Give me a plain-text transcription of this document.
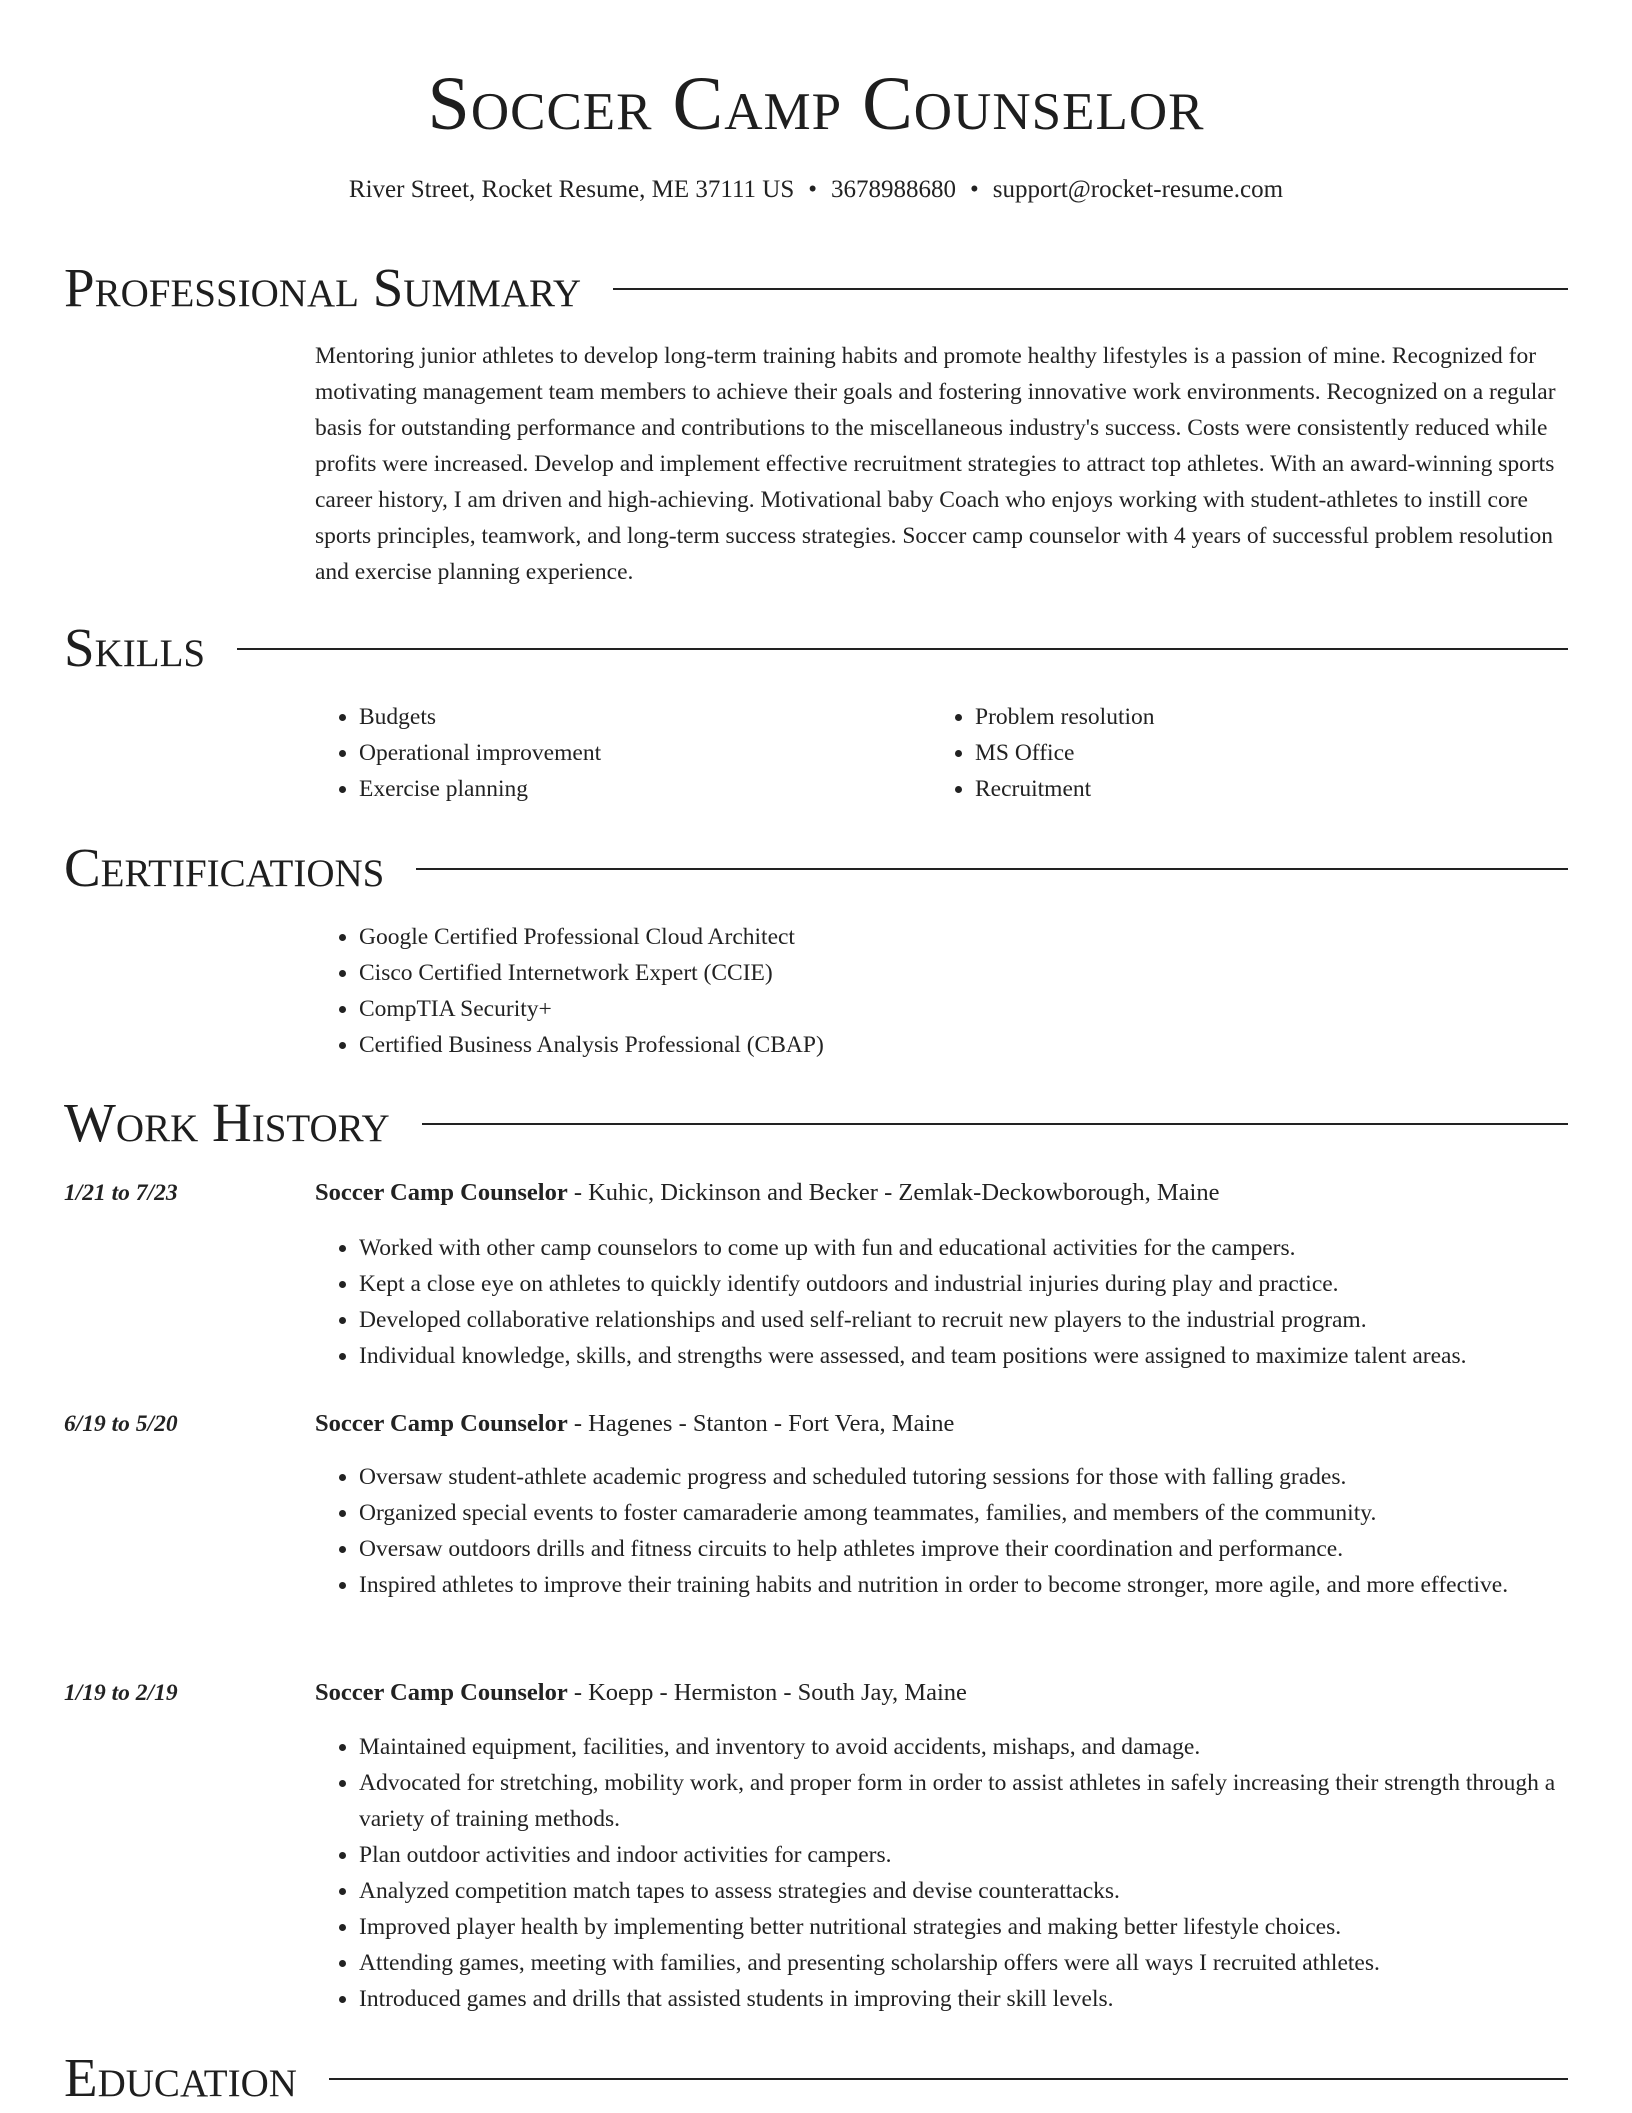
Soccer Camp Counselor
River Street, Rocket Resume, ME 37111 US • 3678988680 • support@rocket-resume.com
Professional Summary

Mentoring junior athletes to develop long-term training habits and promote healthy lifestyles is a passion of mine. Recognized for motivating management team members to achieve their goals and fostering innovative work environments. Recognized on a regular basis for outstanding performance and contributions to the miscellaneous industry's success. Costs were consistently reduced while profits were increased. Develop and implement effective recruitment strategies to attract top athletes. With an award-winning sports career history, I am driven and high-achieving. Motivational baby Coach who enjoys working with student-athletes to instill core sports principles, teamwork, and long-term success strategies. Soccer camp counselor with 4 years of successful problem resolution and exercise planning experience.

Skills
• Budgets
• Operational improvement
• Exercise planning
• Problem resolution
• MS Office
• Recruitment
Certifications
• Google Certified Professional Cloud Architect
• Cisco Certified Internetwork Expert (CCIE)
• CompTIA Security+
• Certified Business Analysis Professional (CBAP)
Work History
1/21 to 7/23	Soccer Camp Counselor - Kuhic, Dickinson and Becker - Zemlak-Deckowborough, Maine
• Worked with other camp counselors to come up with fun and educational activities for the campers.
• Kept a close eye on athletes to quickly identify outdoors and industrial injuries during play and practice.
• Developed collaborative relationships and used self-reliant to recruit new players to the industrial program.
• Individual knowledge, skills, and strengths were assessed, and team positions were assigned to maximize talent areas.
6/19 to 5/20	Soccer Camp Counselor - Hagenes - Stanton - Fort Vera, Maine
• Oversaw student-athlete academic progress and scheduled tutoring sessions for those with falling grades.
• Organized special events to foster camaraderie among teammates, families, and members of the community.
• Oversaw outdoors drills and fitness circuits to help athletes improve their coordination and performance.
• Inspired athletes to improve their training habits and nutrition in order to become stronger, more agile, and more effective.
1/19 to 2/19	Soccer Camp Counselor - Koepp - Hermiston - South Jay, Maine
• Maintained equipment, facilities, and inventory to avoid accidents, mishaps, and damage.
• Advocated for stretching, mobility work, and proper form in order to assist athletes in safely increasing their strength through a variety of training methods.
• Plan outdoor activities and indoor activities for campers.
• Analyzed competition match tapes to assess strategies and devise counterattacks.
• Improved player health by implementing better nutritional strategies and making better lifestyle choices.
• Attending games, meeting with families, and presenting scholarship offers were all ways I recruited athletes.
• Introduced games and drills that assisted students in improving their skill levels.
Education
